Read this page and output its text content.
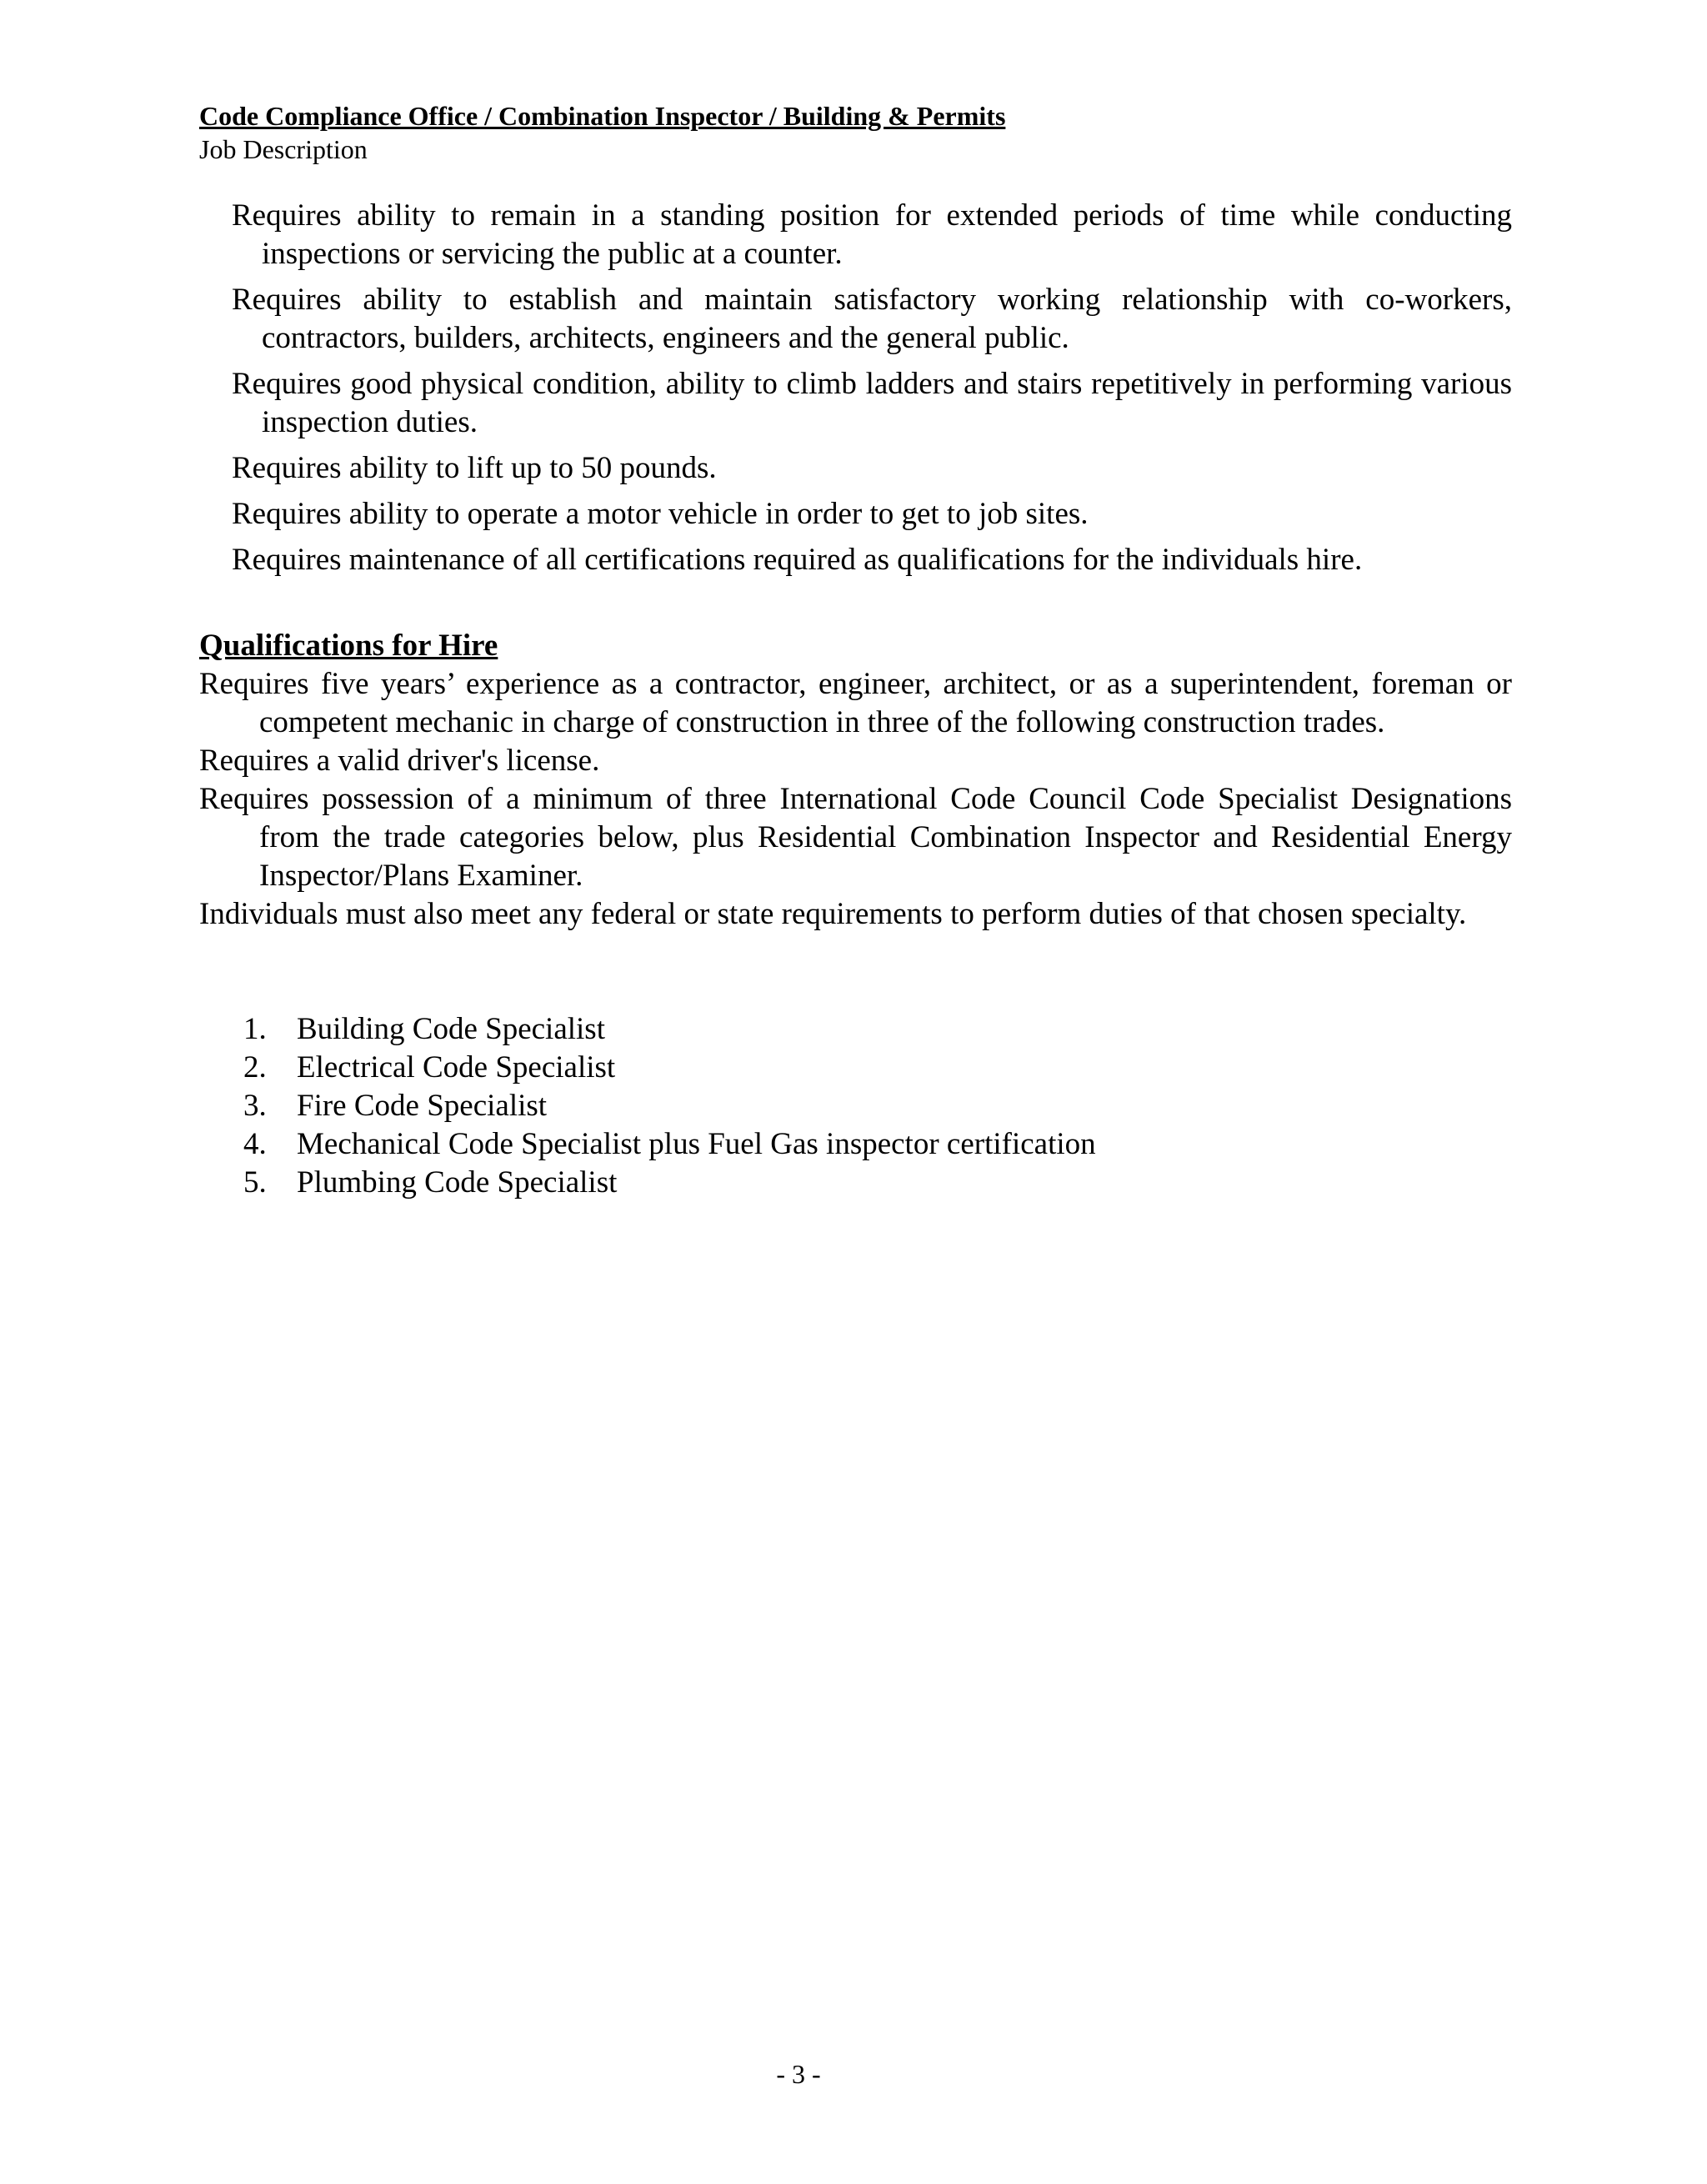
Code Compliance Office / Combination Inspector / Building & Permits
Job Description
Requires ability to remain in a standing position for extended periods of time while conducting inspections or servicing the public at a counter.
Requires ability to establish and maintain satisfactory working relationship with co-workers, contractors, builders, architects, engineers and the general public.
Requires good physical condition, ability to climb ladders and stairs repetitively in performing various inspection duties.
Requires ability to lift up to 50 pounds.
Requires ability to operate a motor vehicle in order to get to job sites.
Requires maintenance of all certifications required as qualifications for the individuals hire.
Qualifications for Hire
Requires five years’ experience as a contractor, engineer, architect, or as a superintendent, foreman or competent mechanic in charge of construction in three of the following construction trades.
Requires a valid driver's license.
Requires possession of a minimum of three International Code Council Code Specialist Designations from the trade categories below, plus Residential Combination Inspector and Residential Energy Inspector/Plans Examiner.
Individuals must also meet any federal or state requirements to perform duties of that chosen specialty.
1. Building Code Specialist
2. Electrical Code Specialist
3. Fire Code Specialist
4. Mechanical Code Specialist plus Fuel Gas inspector certification
5. Plumbing Code Specialist
- 3 -
